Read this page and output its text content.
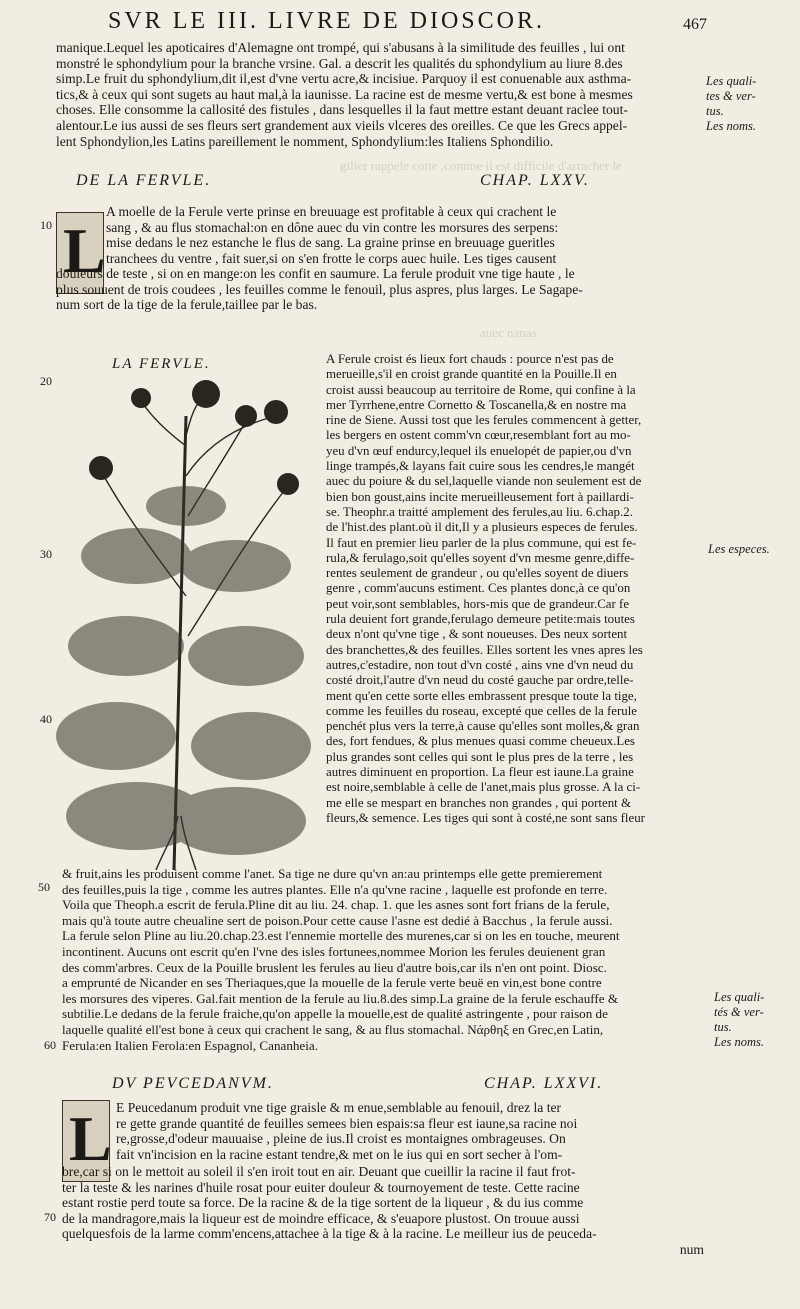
SVR LE III. LIVRE DE DIOSCOR.	467
gilier rappele cotte ,comme il est difficile d'arracher le
auec nanas
manique.Lequel les apoticaires d'Alemagne ont trompé, qui s'abusans à la similitude des feuilles , lui ont
monstré le sphondylium pour la branche vrsine. Gal. a descrit les qualités du sphondylium au liure 8.des
simp.Le fruit du sphondylium,dit il,est d'vne vertu acre,& incisiue. Parquoy il est conuenable aux asthma-
tics,& à ceux qui sont sugets au haut mal,à la iaunisse. La racine est de mesme vertu,& est bone à mesmes
choses. Elle consomme la callosité des fistules , dans lesquelles il la faut mettre estant deuant raclee tout-
alentour.Le ius aussi de ses fleurs sert grandement aux vieils vlceres des oreilles. Ce que les Grecs appel-
lent Sphondylion,les Latins pareillement le nomment, Sphondylium:les Italiens Sphondilio.
DE LA FERVLE.	CHAP. LXXV.
L
A moelle de la Ferule verte prinse en breuuage est profitable à ceux qui crachent le
sang , & au flus stomachal:on en dône auec du vin contre les morsures des serpens:
mise dedans le nez estanche le flus de sang. La graine prinse en breuuage gueritles
tranchees du ventre , fait suer,si on s'en frotte le corps auec huile. Les tiges causent
douleurs de teste , si on en mange:on les confit en saumure. La ferule produit vne tige haute , le
plus souuent de trois coudees , les feuilles comme le fenouil, plus aspres, plus larges. Le Sagape-
num sort de la tige de la ferule,taillee par le bas.
LA FERVLE.	A Ferule croist és lieux fort chauds : pource n'est pas de
merueille,s'il en croist grande quantité en la Pouille.Il en
croist aussi beaucoup au territoire de Rome, qui confine à la
mer Tyrrhene,entre Cornetto & Toscanella,& en nostre ma
rine de Siene. Aussi tost que les ferules commencent à getter,
les bergers en ostent comm'vn cœur,resemblant fort au mo-
yeu d'vn œuf endurcy,lequel ils enuelopét de papier,ou d'vn
linge trampés,& layans fait cuire sous les cendres,le mangét
auec du poiure & du sel,laquelle viande non seulement est de
bien bon goust,ains incite merueilleusement fort à paillardi-
se. Theophr.a traitté amplement des ferules,au liu. 6.chap.2.
de l'hist.des plant.où il dit,Il y a plusieurs especes de ferules.
Il faut en premier lieu parler de la plus commune, qui est fe-
rula,& ferulago,soit qu'elles soyent d'vn mesme genre,diffe-
rentes seulement de grandeur , ou qu'elles soyent de diuers
genre , comm'aucuns estiment. Ces plantes donc,à ce qu'on
peut voir,sont semblables, hors-mis que de grandeur.Car fe
rula deuient fort grande,ferulago demeure petite:mais toutes
deux n'ont qu'vne tige , & sont noueuses. Des neux sortent
des branchettes,& des feuilles. Elles sortent les vnes apres les
autres,c'estadire, non tout d'vn costé , ains vne d'vn neud du
costé droit,l'autre d'vn neud du costé gauche par ordre,telle-
ment qu'en cette sorte elles embrassent presque toute la tige,
comme les feuilles du roseau, excepté que celles de la ferule
penchét plus vers la terre,à cause qu'elles sont molles,& gran
des, fort fendues, & plus menues quasi comme cheueux.Les
plus grandes sont celles qui sont le plus pres de la terre , les
autres diminuent en proportion. La fleur est iaune.La graine
est noire,semblable à celle de l'anet,mais plus grosse. A la ci-
me elle se mespart en branches non grandes , qui portent &
fleurs,& semence. Les tiges qui sont à costé,ne sont sans fleur
& fruit,ains les produisent comme l'anet. Sa tige ne dure qu'vn an:au printemps elle gette premierement
des feuilles,puis la tige , comme les autres plantes. Elle n'a qu'vne racine , laquelle est profonde en terre.
Voila que Theoph.a escrit de ferula.Pline dit au liu. 24. chap. 1. que les asnes sont fort frians de la ferule,
mais qu'à toute autre cheualine sert de poison.Pour cette cause l'asne est dedié à Bacchus , la ferule aussi.
La ferule selon Pline au liu.20.chap.23.est l'ennemie mortelle des murenes,car si on les en touche, meurent
incontinent. Aucuns ont escrit qu'en l'vne des isles fortunees,nommee Morion les ferules deuienent gran
des comm'arbres. Ceux de la Pouille bruslent les ferules au lieu d'autre bois,car ils n'en ont point. Diosc.
a emprunté de Nicander en ses Theriaques,que la mouelle de la ferule verte beuë en vin,est bone contre
les morsures des viperes. Gal.fait mention de la ferule au liu.8.des simp.La graine de la ferule eschauffe &
subtilie.Le dedans de la ferule fraiche,qu'on appelle la mouelle,est de qualité astringente , pour raison de
laquelle qualité ell'est bone à ceux qui crachent le sang, & au flus stomachal. Νάρθηξ en Grec,en Latin,
Ferula:en Italien Ferola:en Espagnol, Cananheia.
DV PEVCEDANVM.	CHAP. LXXVI.
L E Peucedanum produit vne tige graisle & m enue,semblable au fenouil, drez la ter
re gette grande quantité de feuilles semees bien espais:sa fleur est iaune,sa racine noi
re,grosse,d'odeur mauuaise , pleine de ius.Il croist es montaignes ombrageuses. On
fait vn'incision en la racine estant tendre,& met on le ius qui en sort secher à l'om-
bre,car si on le mettoit au soleil il s'en iroit tout en air. Deuant que cueillir la racine il faut frot-
ter la teste & les narines d'huile rosat pour euiter douleur & tournoyement de teste. Cette racine
estant rostie perd toute sa force. De la racine & de la tige sortent de la liqueur , & du ius comme
de la mandragore,mais la liqueur est de moindre efficace, & s'euapore plustost. On trouue aussi
quelquesfois de la larme comm'encens,attachee à la tige & à la racine. Le meilleur ius de peuceda-
num
Les quali-
tes & ver-
tus.
Les noms.
Les especes.
Les quali-
tés & ver-
tus.
Les noms.
10
20
30
40
50
60
70
